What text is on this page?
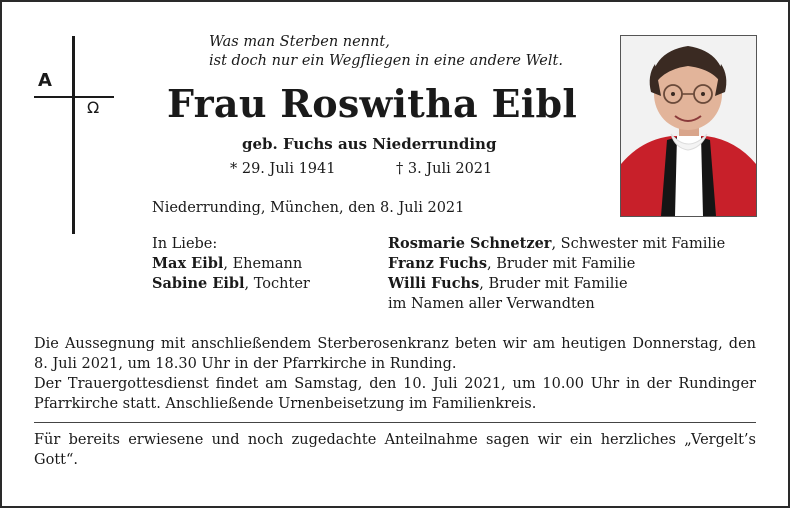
A
Ω
Was man Sterben nennt,
ist doch nur ein Wegfliegen in eine andere Welt.
Frau Roswitha Eibl
geb. Fuchs aus Niederrunding
* 29. Juli 1941	† 3. Juli 2021
Niederrunding, München, den 8. Juli 2021
In Liebe:
Max Eibl, Ehemann
Sabine Eibl, Tochter
Rosmarie Schnetzer, Schwester mit Familie
Franz Fuchs, Bruder mit Familie
Willi Fuchs, Bruder mit Familie
im Namen aller Verwandten

Die Aussegnung mit anschließendem Sterberosenkranz beten wir am heutigen Donnerstag, den 8. Juli 2021, um 18.30 Uhr in der Pfarrkirche in Runding.

Der Trauergottesdienst findet am Samstag, den 10. Juli 2021, um 10.00 Uhr in der Rundinger Pfarrkirche statt. Anschließende Urnenbeisetzung im Familienkreis.

Für bereits erwiesene und noch zugedachte Anteilnahme sagen wir ein herzliches „Vergelt’s Gott“.
